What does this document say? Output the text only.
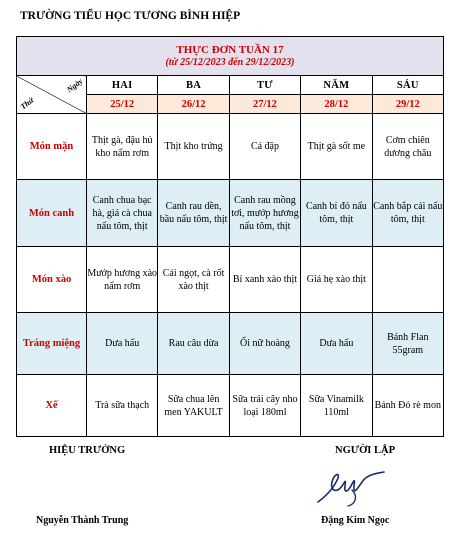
TRƯỜNG TIỂU HỌC TƯƠNG BÌNH HIỆP
THỰC ĐƠN TUẦN 17
(từ 25/12/2023 đến 29/12/2023)					

Thứ
Ngày	HAI	BA	TƯ	NĂM	SÁU
	25/12	26/12	27/12	28/12	29/12
Món mặn	Thịt gà, đậu hủ kho nấm rơm	Thịt kho trứng	Cá đập	Thịt gà sốt me	Cơm chiên dương châu
Món canh	Canh chua bạc hà, giá cà chua nấu tôm, thịt	Canh rau dền, bầu nấu tôm, thịt	Canh rau mồng tơi, mướp hương nấu tôm, thịt	Canh bí đỏ nấu tôm, thịt	Canh bắp cải nấu tôm, thịt
Món xào	Mướp hương xào nấm rơm	Cải ngọt, cà rốt xào thịt	Bí xanh xào thịt	Giá hẹ xào thịt	
Tráng miệng	Dưa hấu	Rau câu dừa	Ổi nữ hoàng	Dưa hấu	Bánh Flan 55gram
Xế	Trà sữa thạch	Sữa chua lên men YAKULT	Sữa trái cây nho loại 180ml	Sữa Vinamilk 110ml	Bánh Đỏ rè mon
HIỆU TRƯỞNG	NGƯỜI LẬP
Nguyễn Thành Trung	Đặng Kim Ngọc
